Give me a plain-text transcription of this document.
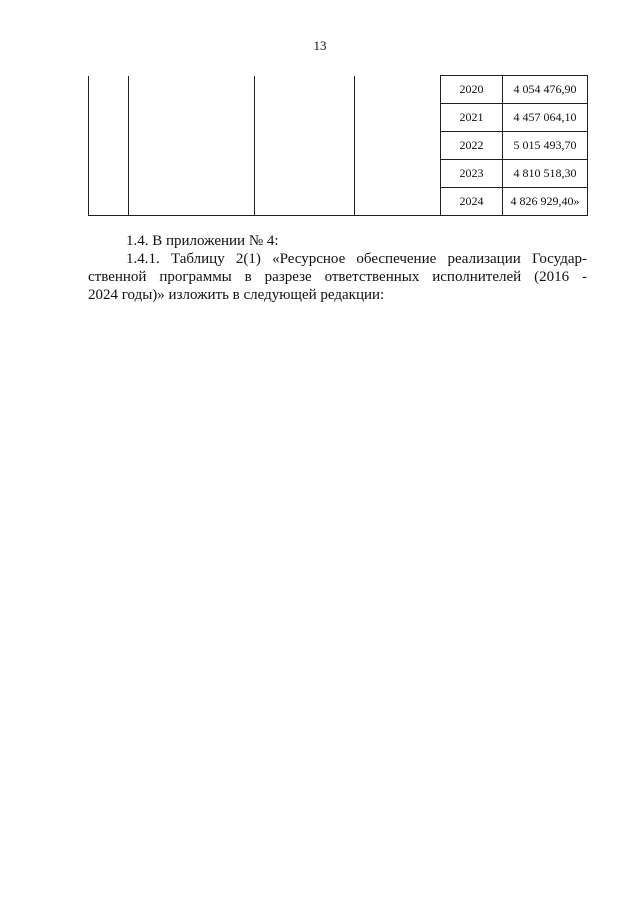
13
				2020	4 054 476,90
				2021	4 457 064,10
				2022	5 015 493,70
				2023	4 810 518,30
				2024	4 826 929,40»

1.4. В приложении № 4:

1.4.1. Таблицу 2(1) «Ресурсное обеспечение реализации Государ-

ственной программы в разрезе ответственных исполнителей (2016 -

2024 годы)» изложить в следующей редакции:
